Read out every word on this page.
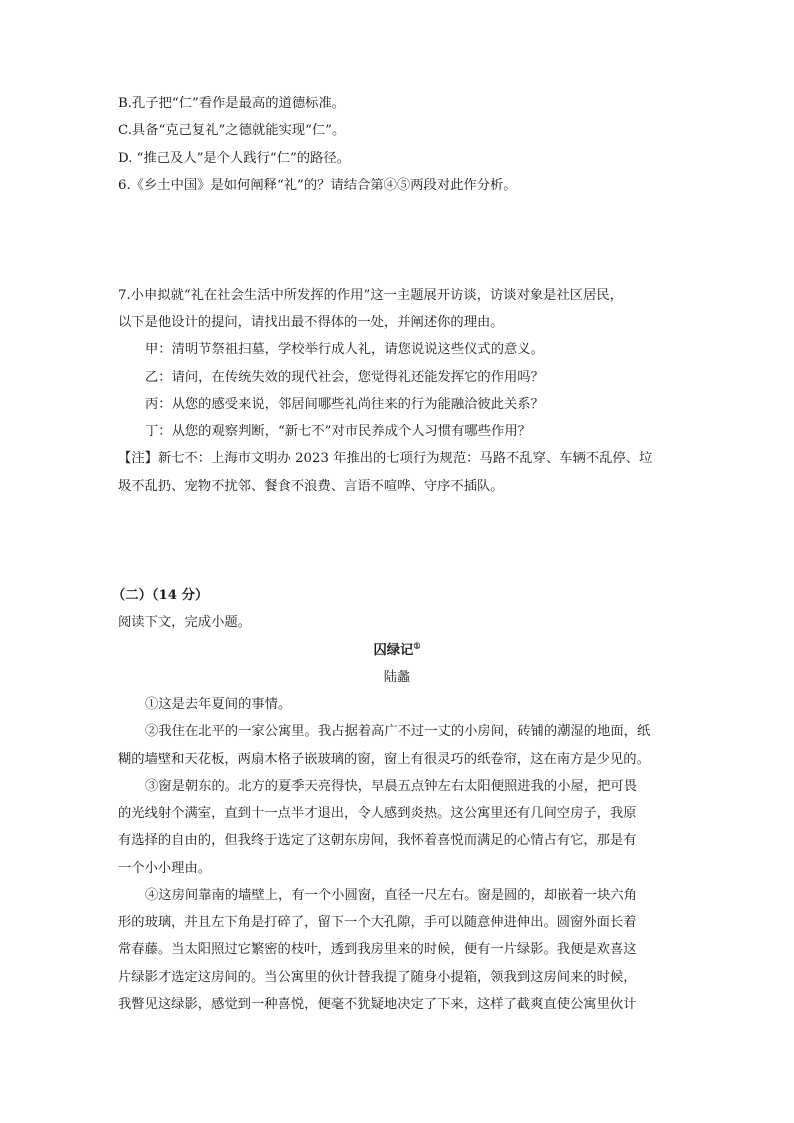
B.孔子把“仁”看作是最高的道德标准。
C.具备“克己复礼”之德就能实现“仁”。
D. “推己及人”是个人践行“仁”的路径。
6.《乡土中国》是如何阐释“礼”的？请结合第④⑤两段对此作分析。
7.小申拟就“礼在社会生活中所发挥的作用”这一主题展开访谈，访谈对象是社区居民，
以下是他设计的提问，请找出最不得体的一处，并阐述你的理由。
甲：清明节祭祖扫墓，学校举行成人礼，请您说说这些仪式的意义。
乙：请问，在传统失效的现代社会，您觉得礼还能发挥它的作用吗？
丙：从您的感受来说，邻居间哪些礼尚往来的行为能融洽彼此关系？
丁：从您的观察判断，“新七不”对市民养成个人习惯有哪些作用？
【注】新七不：上海市文明办 2023 年推出的七项行为规范：马路不乱穿、车辆不乱停、垃
圾不乱扔、宠物不扰邻、餐食不浪费、言语不喧哗、守序不插队。
（二）（14 分）
阅读下文，完成小题。
囚绿记①
陆蠡
①这是去年夏间的事情。
②我住在北平的一家公寓里。我占据着高广不过一丈的小房间，砖铺的潮湿的地面，纸
糊的墙壁和天花板，两扇木格子嵌玻璃的窗，窗上有很灵巧的纸卷帘，这在南方是少见的。
③窗是朝东的。北方的夏季天亮得快，早晨五点钟左右太阳便照进我的小屋，把可畏
的光线射个满室，直到十一点半才退出，令人感到炎热。这公寓里还有几间空房子，我原
有选择的自由的，但我终于选定了这朝东房间，我怀着喜悦而满足的心情占有它，那是有
一个小小理由。
④这房间靠南的墙壁上，有一个小圆窗，直径一尺左右。窗是圆的，却嵌着一块六角
形的玻璃，并且左下角是打碎了，留下一个大孔隙，手可以随意伸进伸出。圆窗外面长着
常春藤。当太阳照过它繁密的枝叶，透到我房里来的时候，便有一片绿影。我便是欢喜这
片绿影才选定这房间的。当公寓里的伙计替我提了随身小提箱，领我到这房间来的时候，
我瞥见这绿影，感觉到一种喜悦，便毫不犹疑地决定了下来，这样了截爽直使公寓里伙计
